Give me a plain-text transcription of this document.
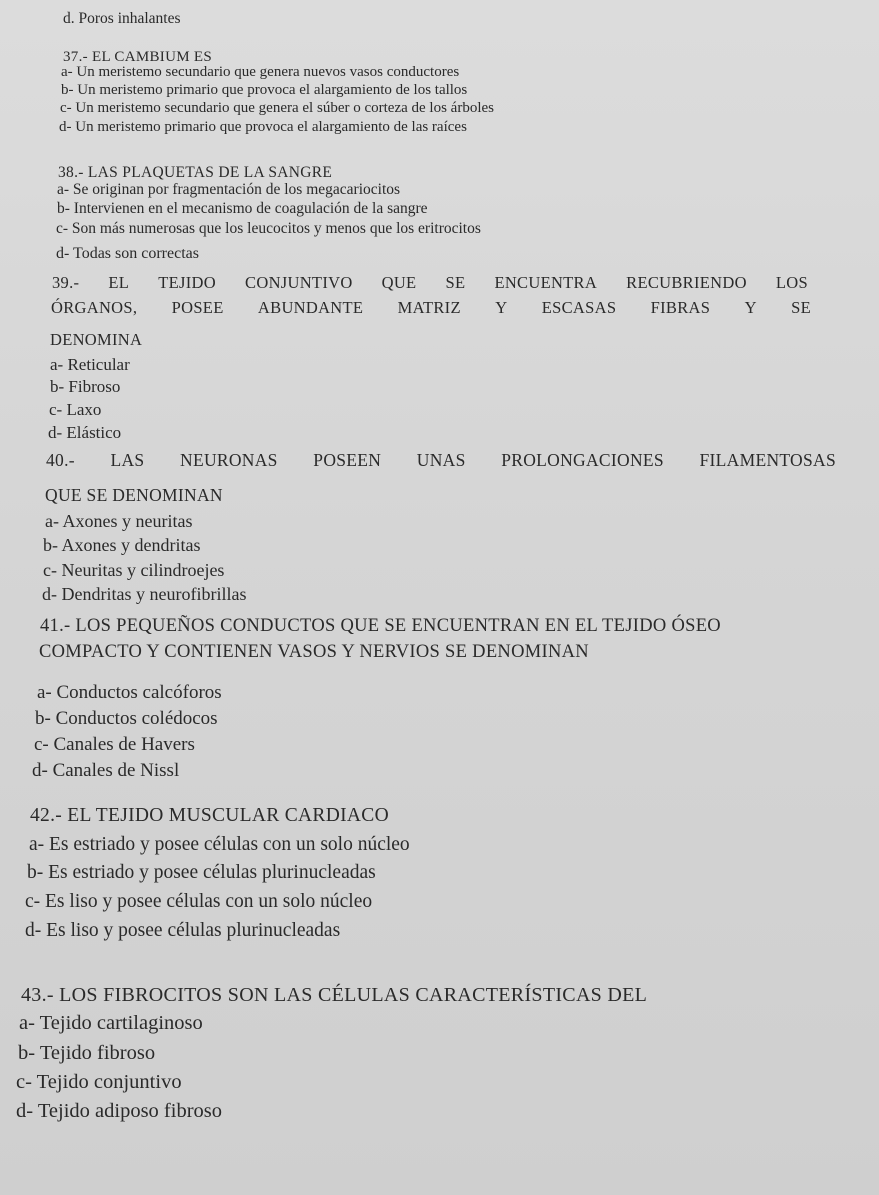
d. Poros inhalantes
37.- EL CAMBIUM ES
a- Un meristemo secundario que genera nuevos vasos conductores
b- Un meristemo primario que provoca el alargamiento de los tallos
c- Un meristemo secundario que genera el súber o corteza de los árboles
d- Un meristemo primario que provoca el alargamiento de las raíces
38.- LAS PLAQUETAS DE LA SANGRE
a- Se originan por fragmentación de los megacariocitos
b- Intervienen en el mecanismo de coagulación de la sangre
c- Son más numerosas que los leucocitos y menos que los eritrocitos
d- Todas son correctas
39.- EL TEJIDO CONJUNTIVO QUE SE ENCUENTRA RECUBRIENDO LOS
ÓRGANOS, POSEE ABUNDANTE MATRIZ Y ESCASAS FIBRAS Y SE
DENOMINA
a- Reticular
b- Fibroso
c- Laxo
d- Elástico
40.- LAS NEURONAS POSEEN UNAS PROLONGACIONES FILAMENTOSAS
QUE SE DENOMINAN
a- Axones y neuritas
b- Axones y dendritas
c- Neuritas y cilindroejes
d- Dendritas y neurofibrillas
41.- LOS PEQUEÑOS CONDUCTOS QUE SE ENCUENTRAN EN EL TEJIDO ÓSEO
COMPACTO Y CONTIENEN VASOS Y NERVIOS SE DENOMINAN
a- Conductos calcóforos
b- Conductos colédocos
c- Canales de Havers
d- Canales de Nissl
42.- EL TEJIDO MUSCULAR CARDIACO
a- Es estriado y posee células con un solo núcleo
b- Es estriado y posee células plurinucleadas
c- Es liso y posee células con un solo núcleo
d- Es liso y posee células plurinucleadas
43.- LOS FIBROCITOS SON LAS CÉLULAS CARACTERÍSTICAS DEL
a- Tejido cartilaginoso
b- Tejido fibroso
c- Tejido conjuntivo
d- Tejido adiposo fibroso
